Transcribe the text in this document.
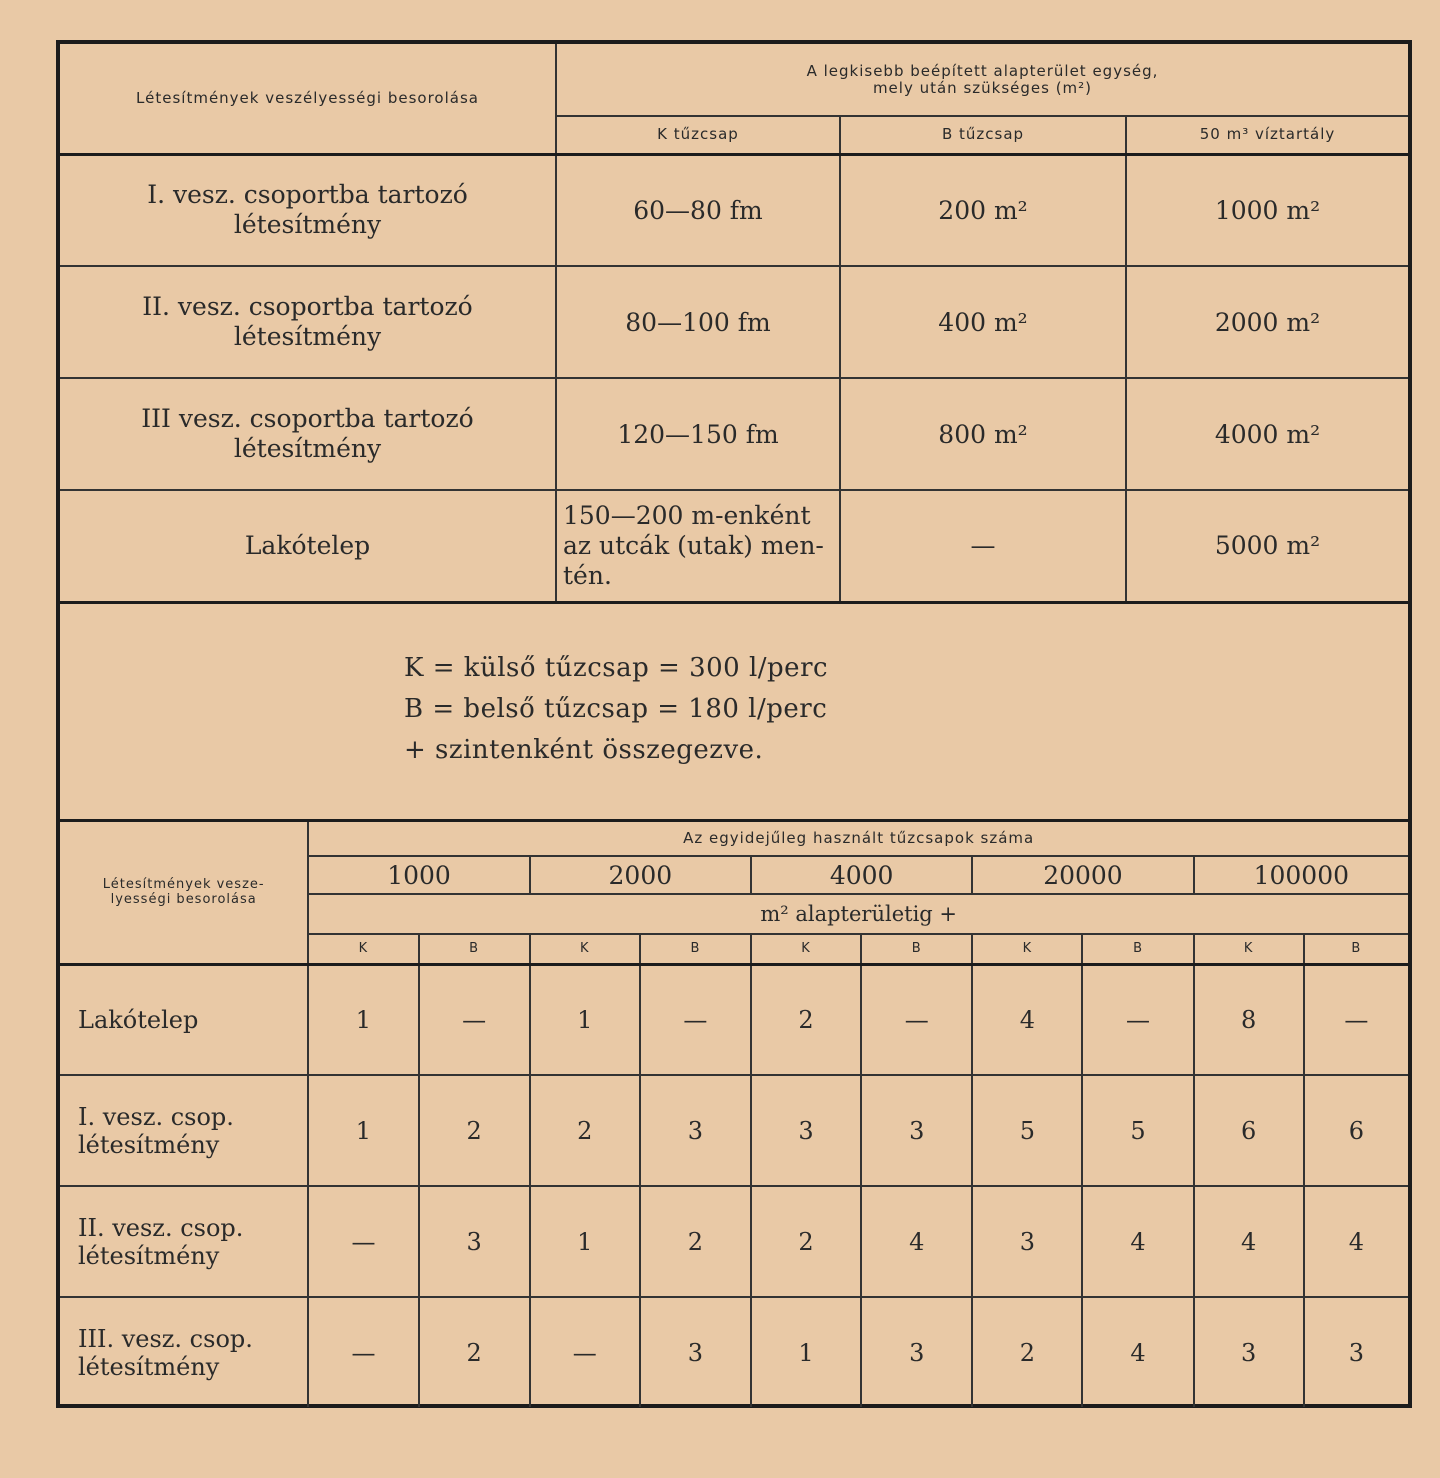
Létesítmények veszélyességi besorolása	A legkisebb beépített alapterület egység,
mely után szükséges (m²)		

	K tűzcsap	B tűzcsap	50 m³ víztartály

I. vesz. csoportba tartozó
létesítmény	60—80 fm	200 m²	1000 m²

II. vesz. csoportba tartozó
létesítmény	80—100 fm	400 m²	2000 m²

III vesz. csoportba tartozó
létesítmény	120—150 fm	800 m²	4000 m²
Lakótelep	150—200 m-enként
az utcák (utak) men-
tén.	—	5000 m²
K = külső tűzcsap = 300 l/perc
B = belső tűzcsap = 180 l/perc
+ szintenként összegezve.
Létesítmények vesze-
lyességi besorolása	Az egyidejűleg használt tűzcsapok száma									
	1000		2000		4000		20000		100000	
	m² alapterületig +									
	K	B	K	B	K	B	K	B	K	B
Lakótelep	1	—	1	—	2	—	4	—	8	—

I. vesz. csop.
létesítmény	1	2	2	3	3	3	5	5	6	6

II. vesz. csop.
létesítmény	—	3	1	2	2	4	3	4	4	4

III. vesz. csop.
létesítmény	—	2	—	3	1	3	2	4	3	3
